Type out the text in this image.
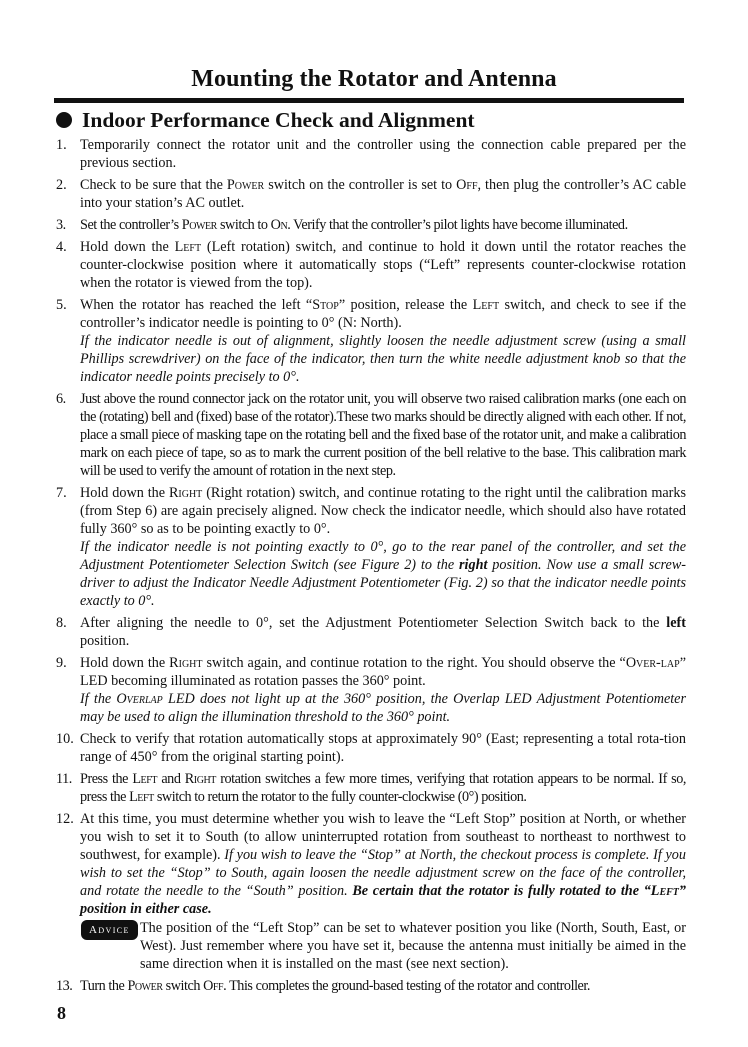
Mounting the Rotator and Antenna
Indoor Performance Check and Alignment
1. Temporarily connect the rotator unit and the controller using the connection cable prepared per the previous section.
2. Check to be sure that the Power switch on the controller is set to Off, then plug the controller’s AC cable into your station’s AC outlet.
3. Set the controller’s Power switch to On. Verify that the controller’s pilot lights have become illuminated.
4. Hold down the Left (Left rotation) switch, and continue to hold it down until the rotator reaches the counter-clockwise position where it automatically stops (“Left” represents counter-clockwise rotation when the rotator is viewed from the top).
5. When the rotator has reached the left “Stop” position, release the Left switch, and check to see if the controller’s indicator needle is pointing to 0° (N: North).
If the indicator needle is out of alignment, slightly loosen the needle adjustment screw (using a small Phillips screwdriver) on the face of the indicator, then turn the white needle adjustment knob so that the indicator needle points precisely to 0°.
6. Just above the round connector jack on the rotator unit, you will observe two raised calibration marks (one each on the (rotating) bell and (fixed) base of the rotator).These two marks should be directly aligned with each other. If not, place a small piece of masking tape on the rotating bell and the fixed base of the rotator unit, and make a calibration mark on each piece of tape, so as to mark the current position of the bell relative to the base. This calibration mark will be used to verify the amount of rotation in the next step.
7. Hold down the Right (Right rotation) switch, and continue rotating to the right until the calibration marks (from Step 6) are again precisely aligned. Now check the indicator needle, which should also have rotated fully 360° so as to be pointing exactly to 0°.
If the indicator needle is not pointing exactly to 0°, go to the rear panel of the controller, and set the Adjustment Potentiometer Selection Switch (see Figure 2) to the right position. Now use a small screw-driver to adjust the Indicator Needle Adjustment Potentiometer (Fig. 2) so that the indicator needle points exactly to 0°.
8. After aligning the needle to 0°, set the Adjustment Potentiometer Selection Switch back to the left position.
9. Hold down the Right switch again, and continue rotation to the right. You should observe the “Over-lap” LED becoming illuminated as rotation passes the 360° point.
If the Overlap LED does not light up at the 360° position, the Overlap LED Adjustment Potentiometer may be used to align the illumination threshold to the 360° point.
10. Check to verify that rotation automatically stops at approximately 90° (East; representing a total rota-tion range of 450° from the original starting point).
11. Press the Left and Right rotation switches a few more times, verifying that rotation appears to be normal. If so, press the Left switch to return the rotator to the fully counter-clockwise (0°) position.
12. At this time, you must determine whether you wish to leave the “Left Stop” position at North, or whether you wish to set it to South (to allow uninterrupted rotation from southeast to northeast to northwest to southwest, for example). If you wish to leave the “Stop” at North, the checkout process is complete. If you wish to set the “Stop” to South, again loosen the needle adjustment screw on the face of the controller, and rotate the needle to the “South” position. Be certain that the rotator is fully rotated to the “Left” position in either case.
Advice The position of the “Left Stop” can be set to whatever position you like (North, South, East, or West). Just remember where you have set it, because the antenna must initially be aimed in the same direction when it is installed on the mast (see next section).
13. Turn the Power switch Off. This completes the ground-based testing of the rotator and controller.
8
